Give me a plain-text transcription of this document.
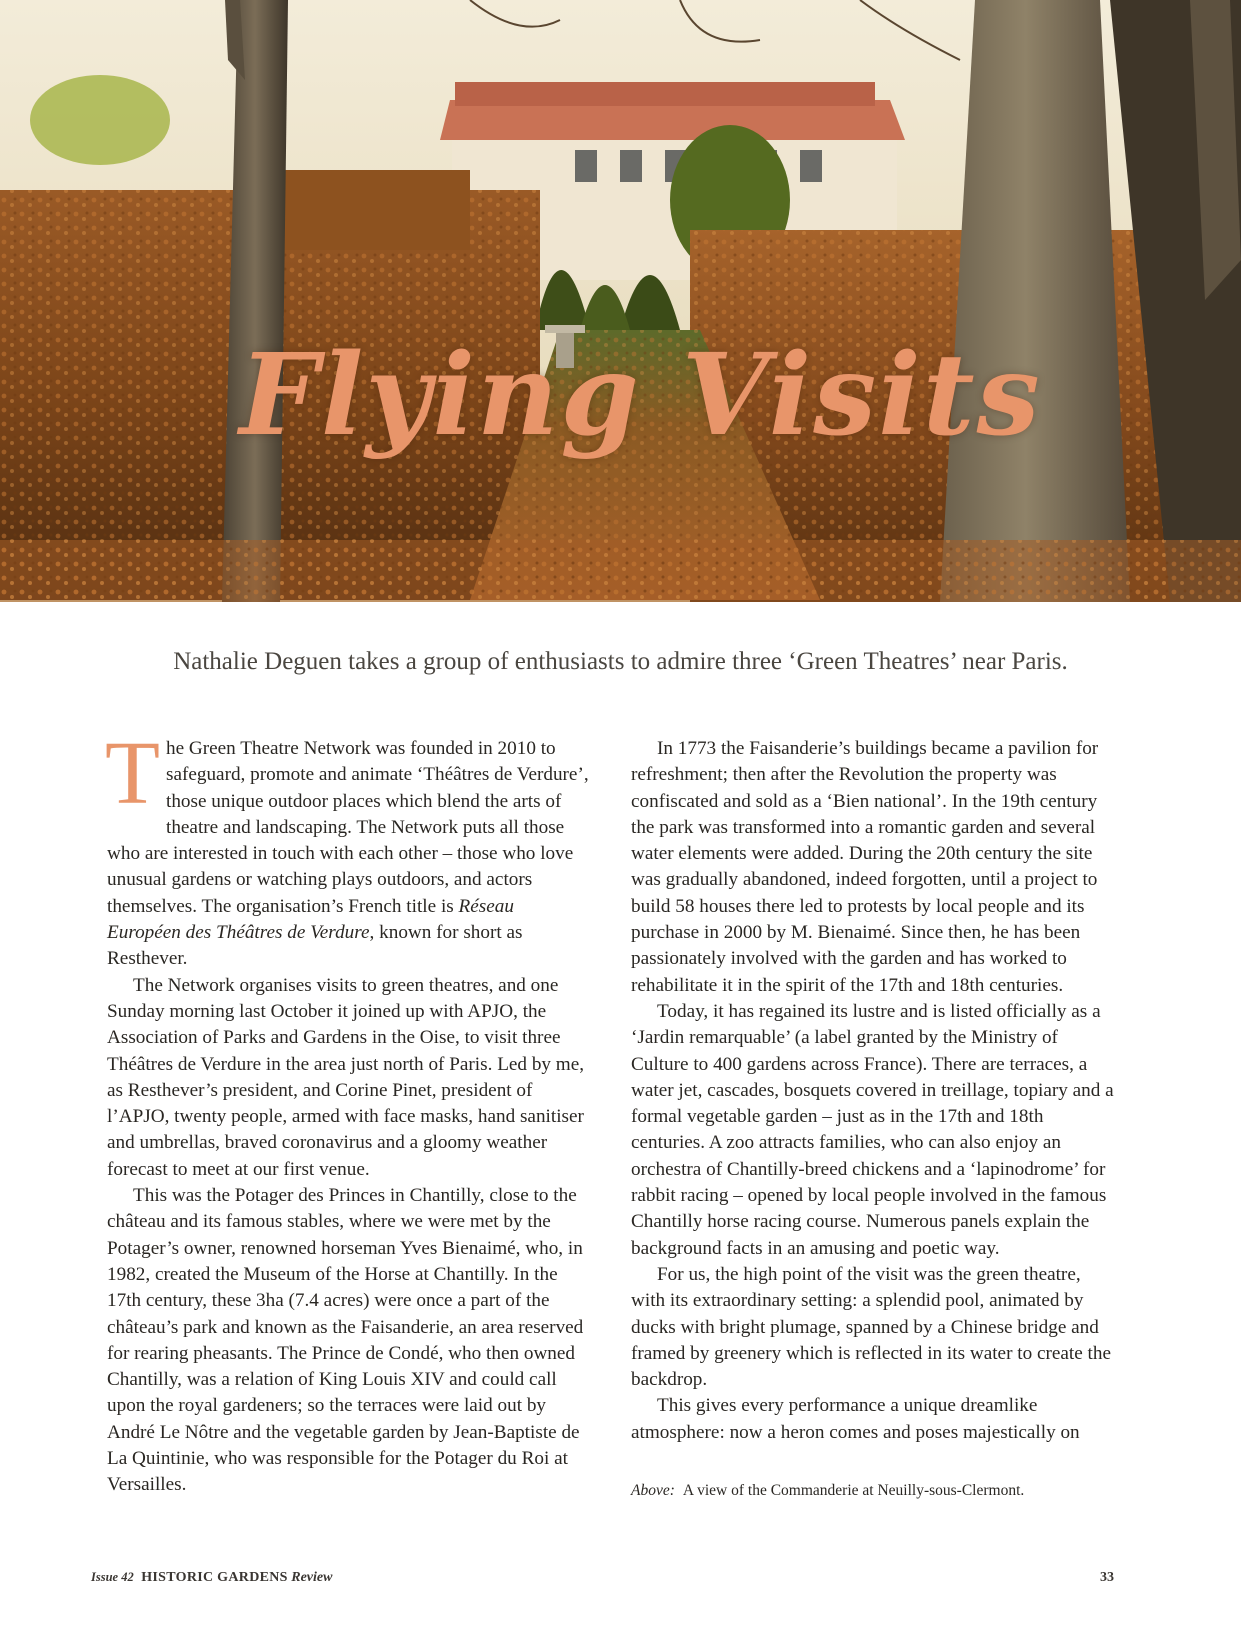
Flying Visits

Nathalie Deguen takes a group of enthusiasts to admire three ‘Green Theatres’ near Paris.

The Green Theatre Network was founded in 2010 to safeguard, promote and animate ‘Théâtres de Verdure’, those unique outdoor places which blend the arts of theatre and landscaping. The Network puts all those who are interested in touch with each other – those who love unusual gardens or watching plays outdoors, and actors themselves. The organisation’s French title is Réseau Européen des Théâtres de Verdure, known for short as Resthever.

The Network organises visits to green theatres, and one Sunday morning last October it joined up with APJO, the Association of Parks and Gardens in the Oise, to visit three Théâtres de Verdure in the area just north of Paris. Led by me, as Resthever’s president, and Corine Pinet, president of l’APJO, twenty people, armed with face masks, hand sanitiser and umbrellas, braved coronavirus and a gloomy weather forecast to meet at our first venue.

This was the Potager des Princes in Chantilly, close to the château and its famous stables, where we were met by the Potager’s owner, renowned horseman Yves Bienaimé, who, in 1982, created the Museum of the Horse at Chantilly. In the 17th century, these 3ha (7.4 acres) were once a part of the château’s park and known as the Faisanderie, an area reserved for rearing pheasants. The Prince de Condé, who then owned Chantilly, was a relation of King Louis XIV and could call upon the royal gardeners; so the terraces were laid out by André Le Nôtre and the vegetable garden by Jean-Baptiste de La Quintinie, who was responsible for the Potager du Roi at Versailles.

In 1773 the Faisanderie’s buildings became a pavilion for refreshment; then after the Revolution the property was confiscated and sold as a ‘Bien national’. In the 19th century the park was transformed into a romantic garden and several water elements were added. During the 20th century the site was gradually abandoned, indeed forgotten, until a project to build 58 houses there led to protests by local people and its purchase in 2000 by M. Bienaimé. Since then, he has been passionately involved with the garden and has worked to rehabilitate it in the spirit of the 17th and 18th centuries.

Today, it has regained its lustre and is listed officially as a ‘Jardin remarquable’ (a label granted by the Ministry of Culture to 400 gardens across France). There are terraces, a water jet, cascades, bosquets covered in treillage, topiary and a formal vegetable garden – just as in the 17th and 18th centuries. A zoo attracts families, who can also enjoy an orchestra of Chantilly-breed chickens and a ‘lapinodrome’ for rabbit racing – opened by local people involved in the famous Chantilly horse racing course. Numerous panels explain the background facts in an amusing and poetic way.

For us, the high point of the visit was the green theatre, with its extraordinary setting: a splendid pool, animated by ducks with bright plumage, spanned by a Chinese bridge and framed by greenery which is reflected in its water to create the backdrop.

This gives every performance a unique dreamlike atmosphere: now a heron comes and poses majestically on

Above: A view of the Commanderie at Neuilly-sous-Clermont.

Issue 42 HISTORIC GARDENS Review	33
